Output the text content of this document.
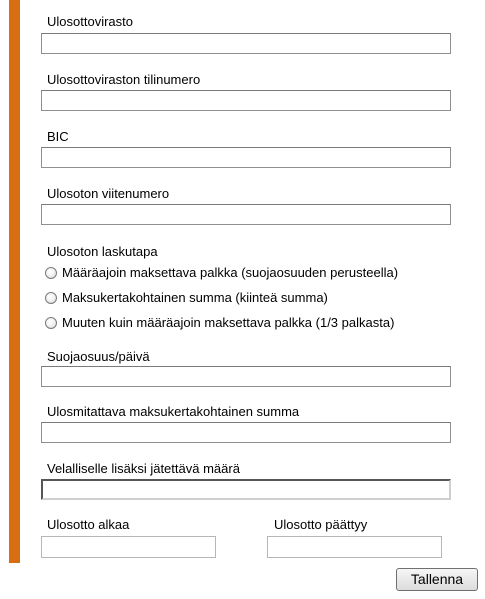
Ulosottovirasto
Ulosottoviraston tilinumero
BIC
Ulosoton viitenumero
Ulosoton laskutapa
Määräajoin maksettava palkka (suojaosuuden perusteella)
Maksukertakohtainen summa (kiinteä summa)
Muuten kuin määräajoin maksettava palkka (1/3 palkasta)
Suojaosuus/päivä
Ulosmitattava maksukertakohtainen summa
Velalliselle lisäksi jätettävä määrä
Ulosotto alkaa	Ulosotto päättyy
Tallenna
